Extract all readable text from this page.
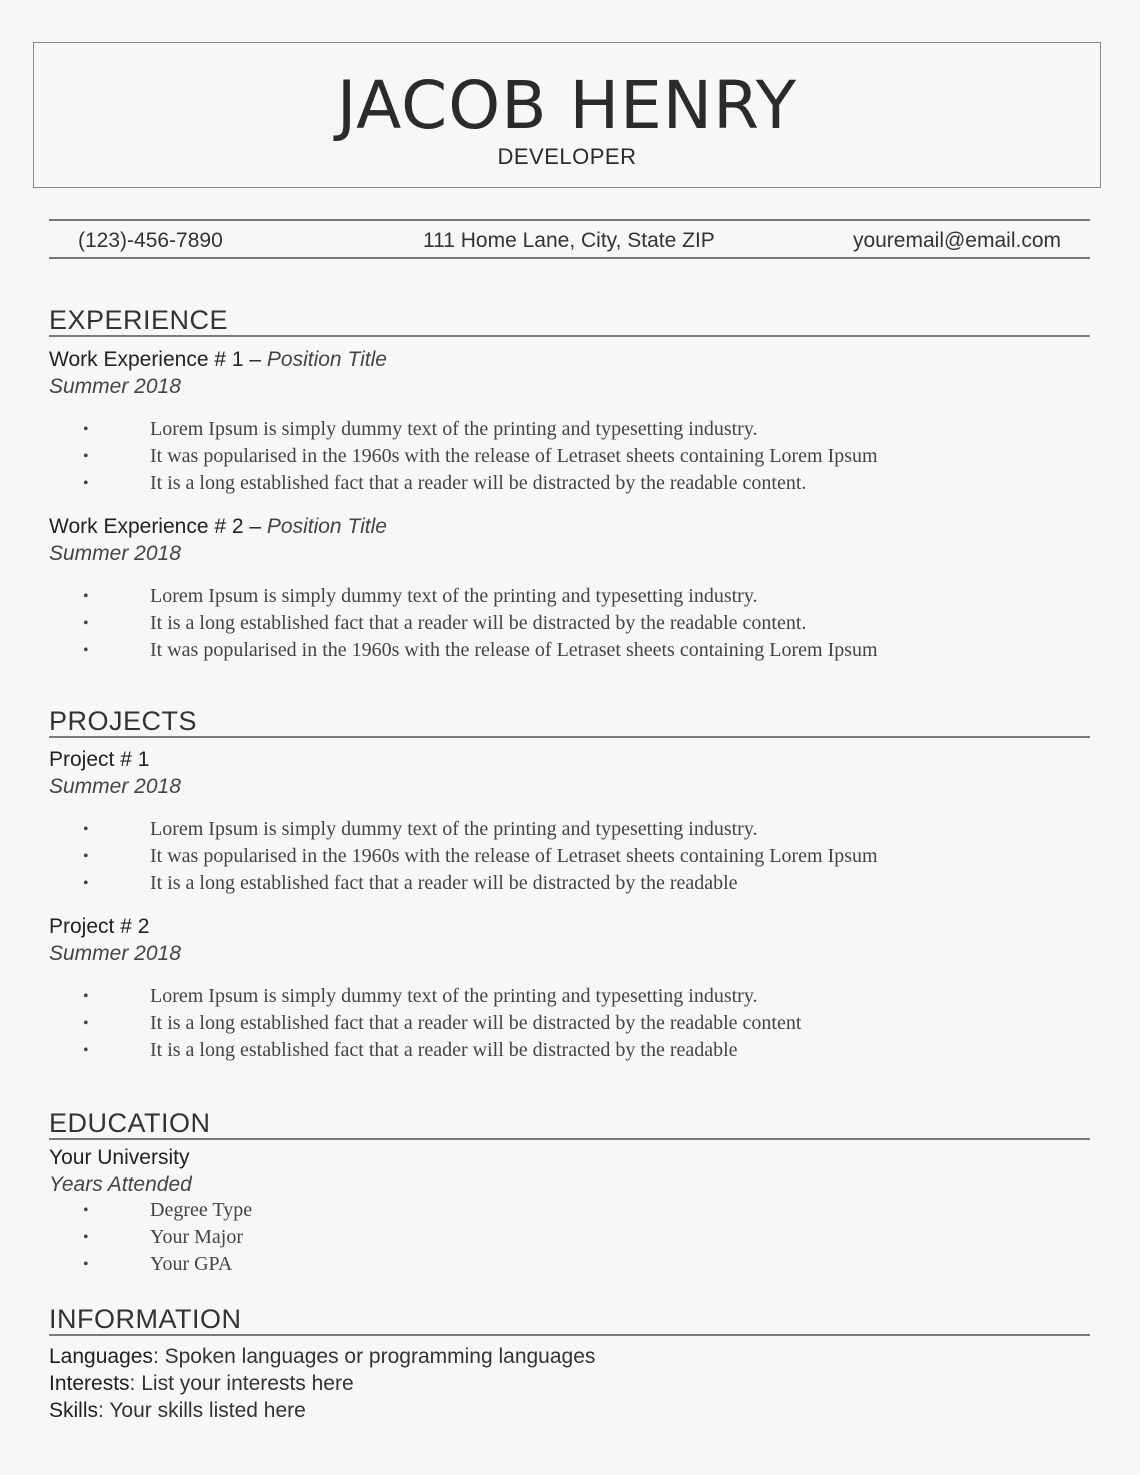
JACOB HENRY
DEVELOPER
(123)-456-7890	111 Home Lane, City, State ZIP	youremail@email.com
EXPERIENCE
Work Experience # 1 – Position Title
Summer 2018
•	Lorem Ipsum is simply dummy text of the printing and typesetting industry.
•	It was popularised in the 1960s with the release of Letraset sheets containing Lorem Ipsum
•	It is a long established fact that a reader will be distracted by the readable content.
Work Experience # 2 – Position Title
Summer 2018
•	Lorem Ipsum is simply dummy text of the printing and typesetting industry.
•	It is a long established fact that a reader will be distracted by the readable content.
•	It was popularised in the 1960s with the release of Letraset sheets containing Lorem Ipsum
PROJECTS
Project # 1
Summer 2018
•	Lorem Ipsum is simply dummy text of the printing and typesetting industry.
•	It was popularised in the 1960s with the release of Letraset sheets containing Lorem Ipsum
•	It is a long established fact that a reader will be distracted by the readable
Project # 2
Summer 2018
•	Lorem Ipsum is simply dummy text of the printing and typesetting industry.
•	It is a long established fact that a reader will be distracted by the readable content
•	It is a long established fact that a reader will be distracted by the readable
EDUCATION
Your University
Years Attended
•	Degree Type
•	Your Major
•	Your GPA
INFORMATION
Languages: Spoken languages or programming languages
Interests: List your interests here
Skills: Your skills listed here
